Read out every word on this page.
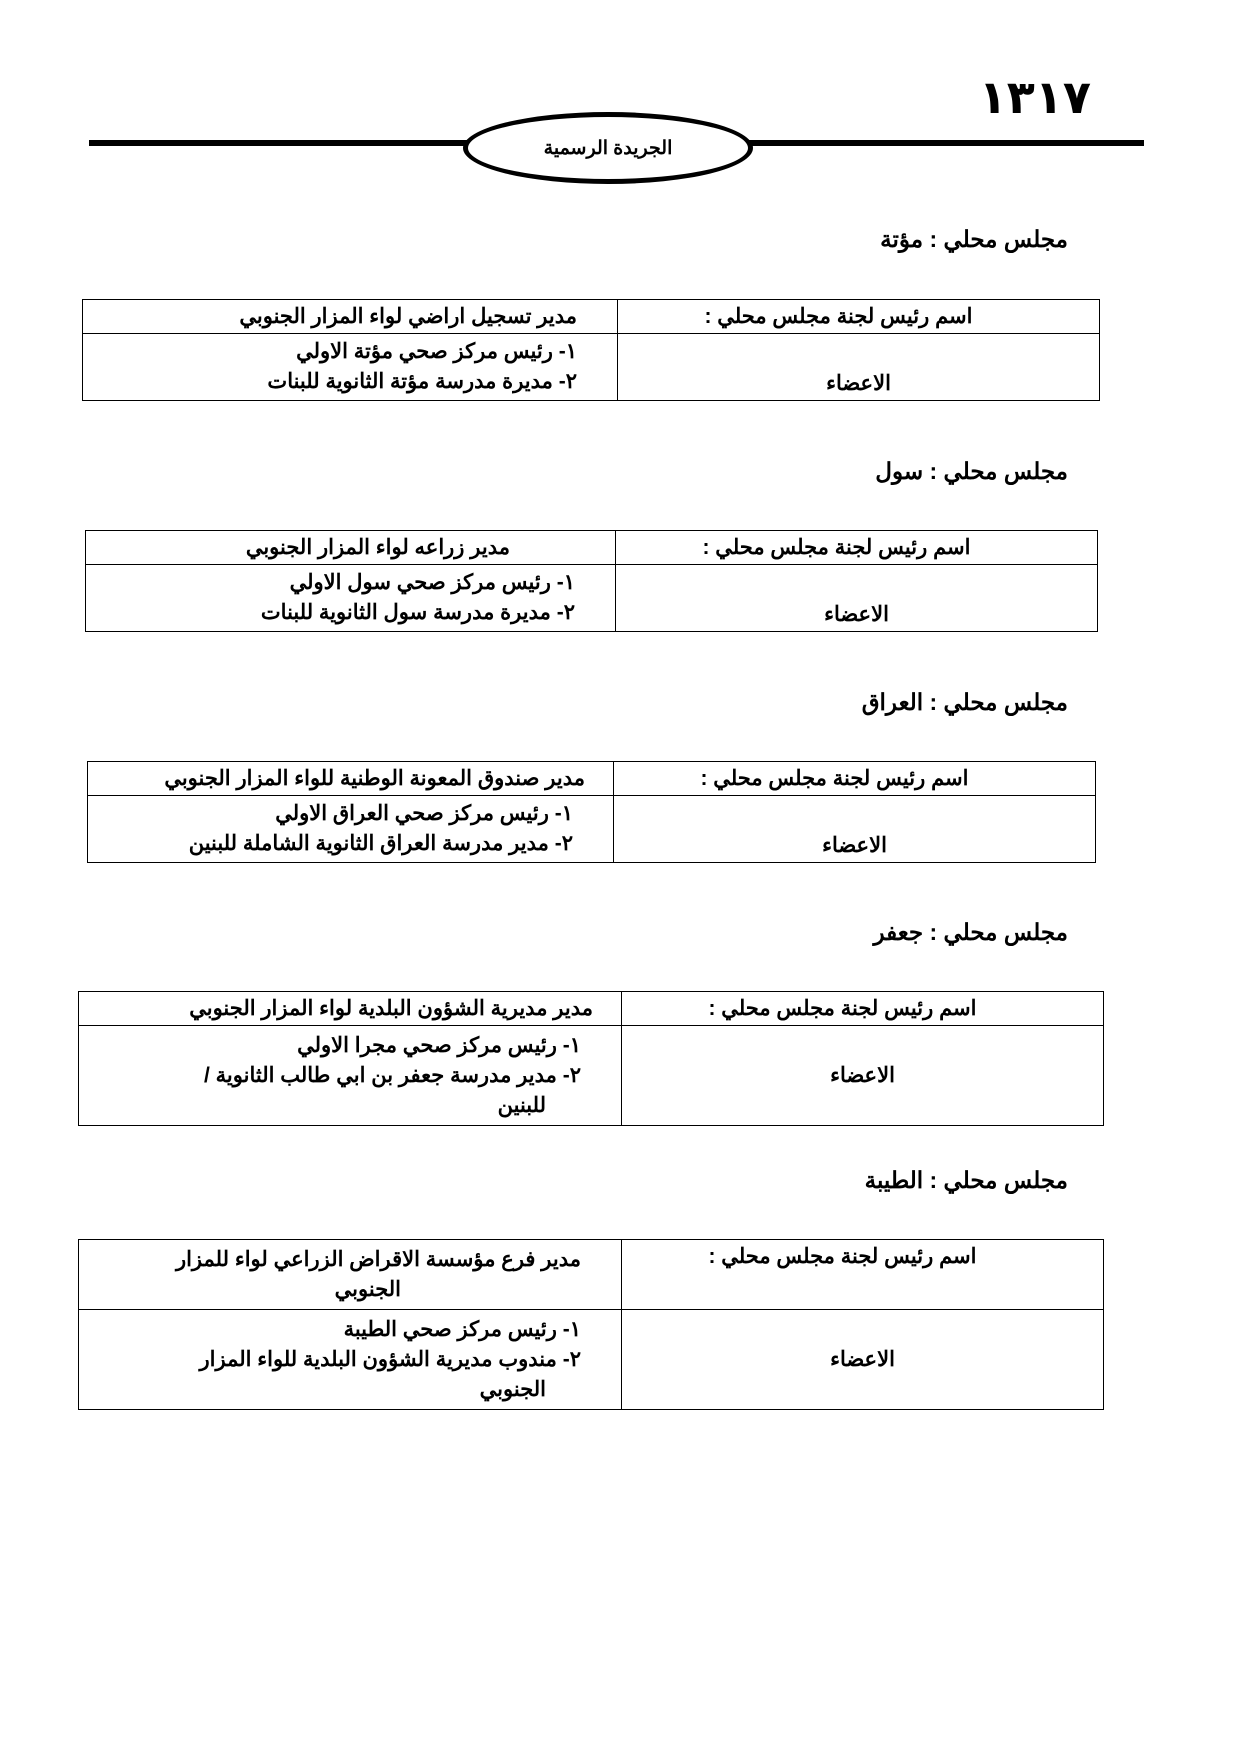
١٣١٧
الجريدة الرسمية
مجلس محلي : مؤتة
اسم رئيس لجنة مجلس محلي :	مدير تسجيل اراضي لواء المزار الجنوبي
الاعضاء	١- رئيس مركز صحي مؤتة الاولي
٢- مديرة مدرسة مؤتة الثانوية للبنات
مجلس محلي : سول
اسم رئيس لجنة مجلس محلي :	مدير زراعه لواء المزار الجنوبي
الاعضاء	١- رئيس مركز صحي سول الاولي
٢- مديرة مدرسة سول الثانوية للبنات
مجلس محلي : العراق
اسم رئيس لجنة مجلس محلي :	مدير صندوق المعونة الوطنية للواء المزار الجنوبي
الاعضاء	١- رئيس مركز صحي العراق الاولي
٢- مدير مدرسة العراق الثانوية الشاملة للبنين
مجلس محلي : جعفر
اسم رئيس لجنة مجلس محلي :	مدير مديرية الشؤون البلدية لواء المزار الجنوبي
الاعضاء	١- رئيس مركز صحي مجرا الاولي
٢- مدير مدرسة جعفر بن ابي طالب الثانوية /
للبنين
مجلس محلي : الطيبة
اسم رئيس لجنة مجلس محلي :	مدير فرع مؤسسة الاقراض الزراعي لواء للمزار
الجنوبي

الاعضاء	١- رئيس مركز صحي الطيبة
٢- مندوب مديرية الشؤون البلدية للواء المزار
الجنوبي
